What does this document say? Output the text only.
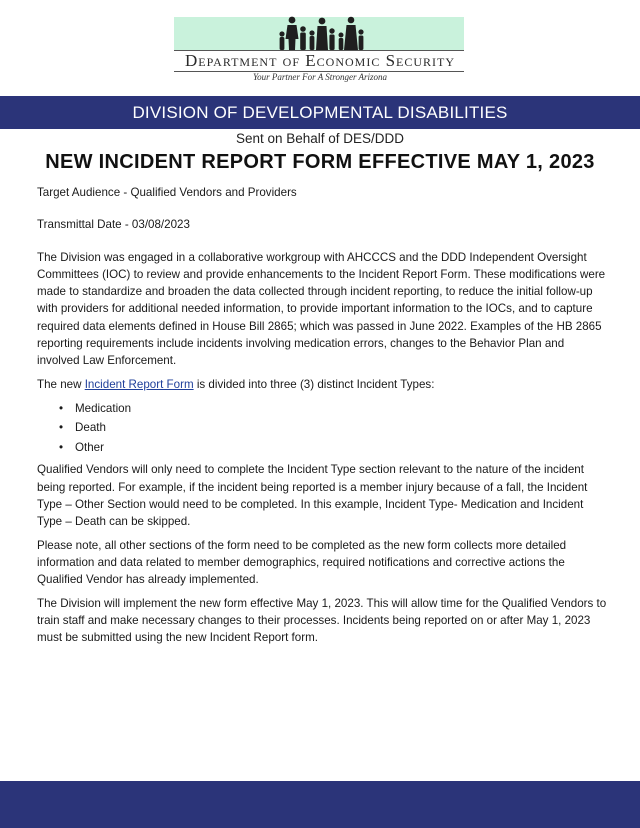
Department of Economic Security
Your Partner For A Stronger Arizona
DIVISION OF DEVELOPMENTAL DISABILITIES
Sent on Behalf of DES/DDD
NEW INCIDENT REPORT FORM EFFECTIVE MAY 1, 2023

Target Audience - Qualified Vendors and Providers

Transmittal Date - 03/08/2023

The Division was engaged in a collaborative workgroup with AHCCCS and the DDD Independent Oversight Committees (IOC) to review and provide enhancements to the Incident Report Form. These modifications were made to standardize and broaden the data collected through incident reporting, to reduce the initial follow-up with providers for additional needed information, to provide important information to the IOCs, and to capture required data elements defined in House Bill 2865; which was passed in June 2022. Examples of the HB 2865 reporting requirements include incidents involving medication errors, changes to the Behavior Plan and involved Law Enforcement.

The new Incident Report Form is divided into three (3) distinct Incident Types:

• Medication
• Death
• Other

Qualified Vendors will only need to complete the Incident Type section relevant to the nature of the incident being reported. For example, if the incident being reported is a member injury because of a fall, the Incident Type – Other Section would need to be completed. In this example, Incident Type- Medication and Incident Type – Death can be skipped.

Please note, all other sections of the form need to be completed as the new form collects more detailed information and data related to member demographics, required notifications and corrective actions the Qualified Vendor has already implemented.

The Division will implement the new form effective May 1, 2023. This will allow time for the Qualified Vendors to train staff and make necessary changes to their processes. Incidents being reported on or after May 1, 2023 must be submitted using the new Incident Report form.
